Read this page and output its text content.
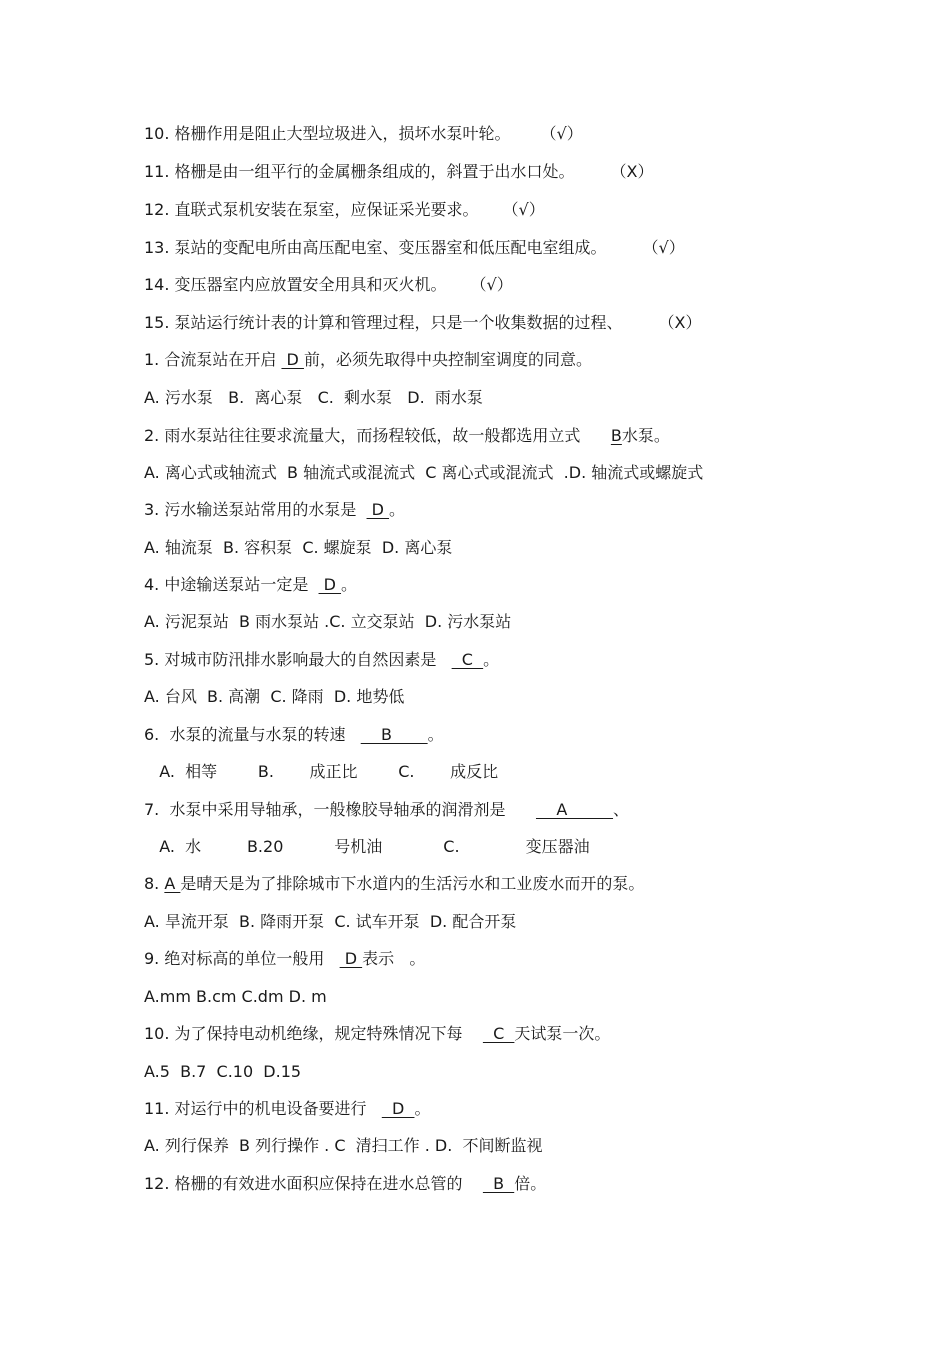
10. 格栅作用是阻止大型垃圾进入，损坏水泵叶轮。 （√）
11. 格栅是由一组平行的金属栅条组成的，斜置于出水口处。 （X）
12. 直联式泵机安装在泵室，应保证采光要求。 （√）
13. 泵站的变配电所由高压配电室、变压器室和低压配电室组成。 （√）
14. 变压器室内应放置安全用具和灭火机。 （√）
15. 泵站运行统计表的计算和管理过程，只是一个收集数据的过程、 （X）
1. 合流泵站在开启  D 前，必须先取得中央控制室调度的同意。
A. 污水泵   B.  离心泵   C.  剩水泵   D.  雨水泵
2. 雨水泵站往往要求流量大，而扬程较低，故一般都选用立式      B水泵。
A. 离心式或轴流式  B 轴流式或混流式  C 离心式或混流式  .D. 轴流式或螺旋式
3. 污水输送泵站常用的水泵是   D 。
A. 轴流泵  B. 容积泵  C. 螺旋泵  D. 离心泵
4. 中途输送泵站一定是   D 。
A. 污泥泵站  B 雨水泵站 .C. 立交泵站  D. 污水泵站
5. 对城市防汛排水影响最大的自然因素是     C  。
A. 台风  B. 高潮  C. 降雨  D. 地势低
6.  水泵的流量与水泵的转速       B       。
A.  相等        B.       成正比        C.       成反比
7.  水泵中采用导轴承，一般橡胶导轴承的润滑剂是          A         、
A.  水         B.20          号机油            C.             变压器油
8. A 是晴天是为了排除城市下水道内的生活污水和工业废水而开的泵。
A. 旱流开泵  B. 降雨开泵  C. 试车开泵  D. 配合开泵
9. 绝对标高的单位一般用    D 表示   。
A.mm B.cm C.dm D. m
10. 为了保持电动机绝缘，规定特殊情况下每      C  天试泵一次。
A.5  B.7  C.10  D.15
11. 对运行中的机电设备要进行     D  。
A. 列行保养  B 列行操作 . C  清扫工作 . D.  不间断监视
12. 格栅的有效进水面积应保持在进水总管的      B  倍。
